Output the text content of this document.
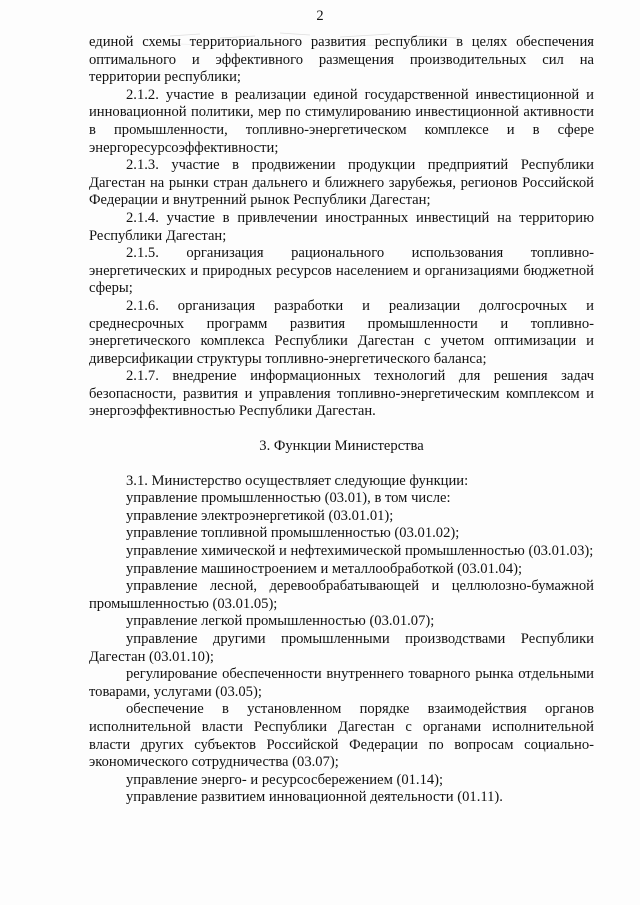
2

единой схемы территориального развития республики в целях обеспечения оптимального и эффективного размещения производительных сил на территории республики;

2.1.2. участие в реализации единой государственной инвестиционной и инновационной политики, мер по стимулированию инвестиционной активности в промышленности, топливно-энергетическом комплексе и в сфере энергоресурсоэффективности;

2.1.3. участие в продвижении продукции предприятий Республики Дагестан на рынки стран дальнего и ближнего зарубежья, регионов Российской Федерации и внутренний рынок Республики Дагестан;

2.1.4. участие в привлечении иностранных инвестиций на территорию Республики Дагестан;

2.1.5. организация рационального использования топливно-энергетических и природных ресурсов населением и организациями бюджетной сферы;

2.1.6. организация разработки и реализации долгосрочных и среднесрочных программ развития промышленности и топливно-энергетического комплекса Республики Дагестан с учетом оптимизации и диверсификации структуры топливно-энергетического баланса;

2.1.7. внедрение информационных технологий для решения задач безопасности, развития и управления топливно-энергетическим комплексом и энергоэффективностью Республики Дагестан.

3. Функции Министерства

3.1. Министерство осуществляет следующие функции:

управление промышленностью (03.01), в том числе:

управление электроэнергетикой (03.01.01);

управление топливной промышленностью (03.01.02);

управление химической и нефтехимической промышленностью (03.01.03);

управление машиностроением и металлообработкой (03.01.04);

управление лесной, деревообрабатывающей и целлюлозно-бумажной промышленностью (03.01.05);

управление легкой промышленностью (03.01.07);

управление другими промышленными производствами Республики Дагестан (03.01.10);

регулирование обеспеченности внутреннего товарного рынка отдельными товарами, услугами (03.05);

обеспечение в установленном порядке взаимодействия органов исполнительной власти Республики Дагестан с органами исполнительной власти других субъектов Российской Федерации по вопросам социально-экономического сотрудничества (03.07);

управление энерго- и ресурсосбережением (01.14);

управление развитием инновационной деятельности (01.11).
